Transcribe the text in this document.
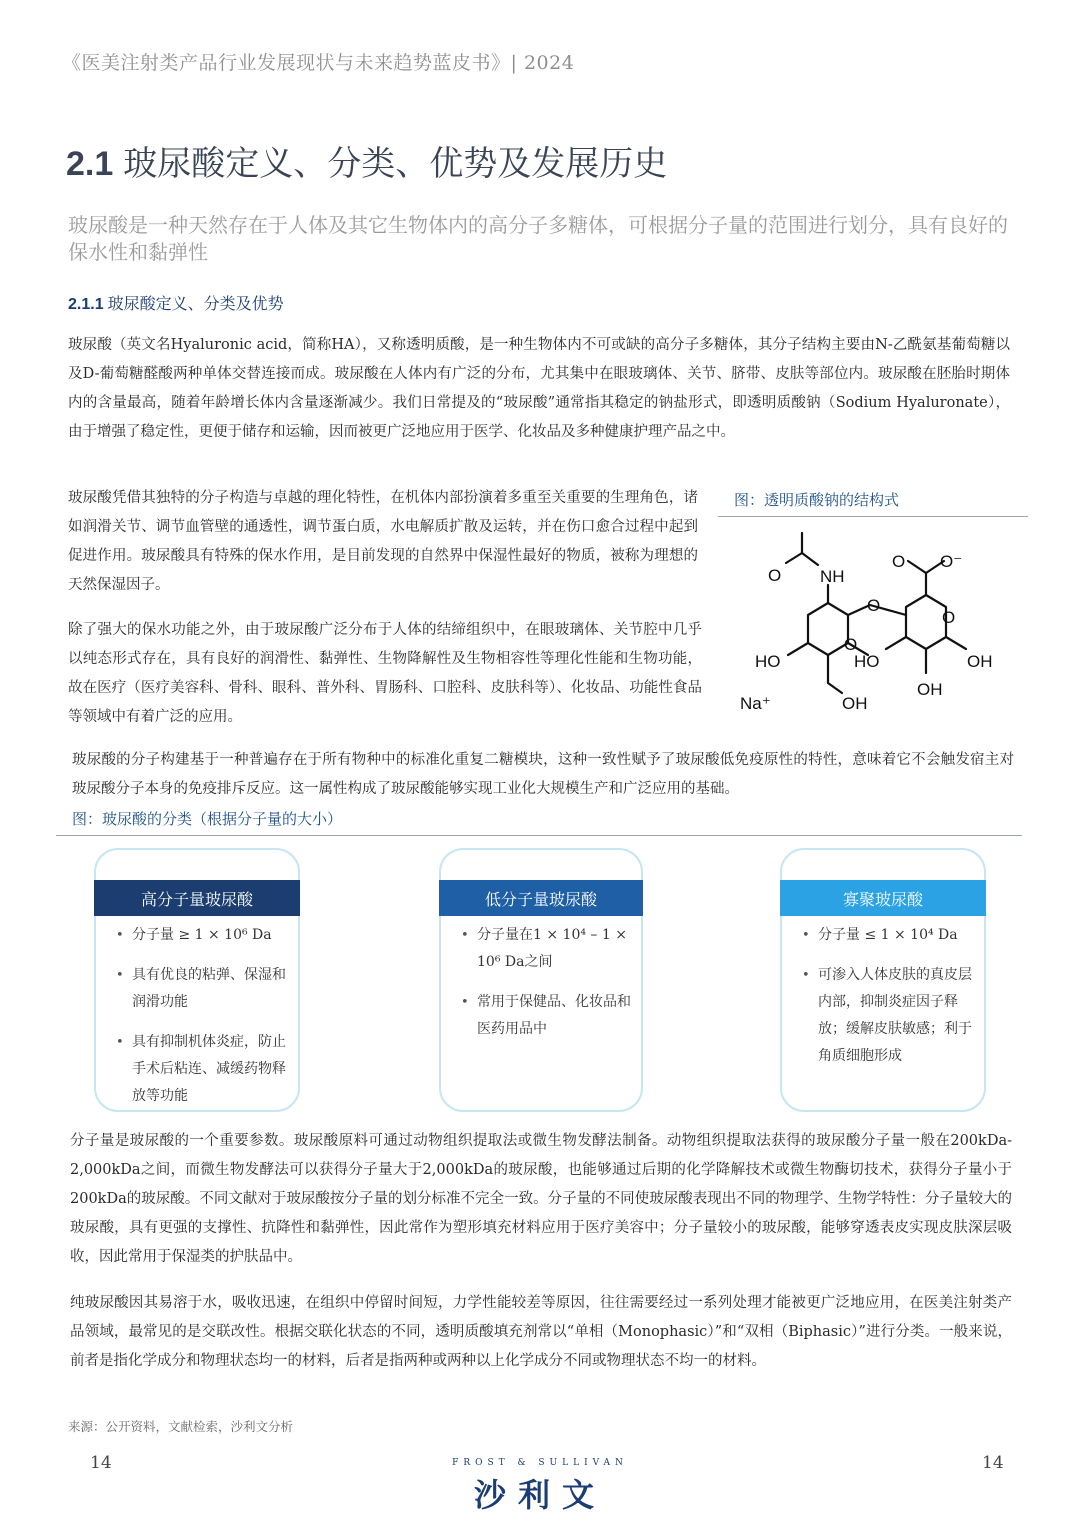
《医美注射类产品行业发展现状与未来趋势蓝皮书》| 2024
2.1 玻尿酸定义、分类、优势及发展历史
玻尿酸是一种天然存在于人体及其它生物体内的高分子多糖体，可根据分子量的范围进行划分，具有良好的保水性和黏弹性
2.1.1 玻尿酸定义、分类及优势

玻尿酸（英文名Hyaluronic acid，简称HA），又称透明质酸，是一种生物体内不可或缺的高分子多糖体，其分子结构主要由N-乙酰氨基葡萄糖以及D-葡萄糖醛酸两种单体交替连接而成。玻尿酸在人体内有广泛的分布，尤其集中在眼玻璃体、关节、脐带、皮肤等部位内。玻尿酸在胚胎时期体内的含量最高，随着年龄增长体内含量逐渐减少。我们日常提及的“玻尿酸”通常指其稳定的钠盐形式，即透明质酸钠（Sodium Hyaluronate），由于增强了稳定性，更便于储存和运输，因而被更广泛地应用于医学、化妆品及多种健康护理产品之中。

玻尿酸凭借其独特的分子构造与卓越的理化特性，在机体内部扮演着多重至关重要的生理角色，诸如润滑关节、调节血管壁的通透性，调节蛋白质，水电解质扩散及运转，并在伤口愈合过程中起到促进作用。玻尿酸具有特殊的保水作用，是目前发现的自然界中保湿性最好的物质，被称为理想的天然保湿因子。

除了强大的保水功能之外，由于玻尿酸广泛分布于人体的结缔组织中，在眼玻璃体、关节腔中几乎以纯态形式存在，具有良好的润滑性、黏弹性、生物降解性及生物相容性等理化性能和生物功能，故在医疗（医疗美容科、骨科、眼科、普外科、胃肠科、口腔科、皮肤科等）、化妆品、功能性食品等领域中有着广泛的应用。

图：透明质酸钠的结构式
NH
O
O O⁻
O
O
O
HO	HO	OH
OH
OH
Na⁺

玻尿酸的分子构建基于一种普遍存在于所有物种中的标准化重复二糖模块，这种一致性赋予了玻尿酸低免疫原性的特性，意味着它不会触发宿主对玻尿酸分子本身的免疫排斥反应。这一属性构成了玻尿酸能够实现工业化大规模生产和广泛应用的基础。

图：玻尿酸的分类（根据分子量的大小）
高分子量玻尿酸
• 分子量 ≥ 1 × 10⁶ Da
• 具有优良的粘弹、保湿和润滑功能
• 具有抑制机体炎症，防止手术后粘连、减缓药物释放等功能
低分子量玻尿酸
• 分子量在1 × 10⁴ – 1 × 10⁶ Da之间
• 常用于保健品、化妆品和医药用品中
寡聚玻尿酸
• 分子量 ≤ 1 × 10⁴ Da
• 可渗入人体皮肤的真皮层内部，抑制炎症因子释放；缓解皮肤敏感；利于角质细胞形成

分子量是玻尿酸的一个重要参数。玻尿酸原料可通过动物组织提取法或微生物发酵法制备。动物组织提取法获得的玻尿酸分子量一般在200kDa-2,000kDa之间，而微生物发酵法可以获得分子量大于2,000kDa的玻尿酸，也能够通过后期的化学降解技术或微生物酶切技术，获得分子量小于200kDa的玻尿酸。不同文献对于玻尿酸按分子量的划分标准不完全一致。分子量的不同使玻尿酸表现出不同的物理学、生物学特性：分子量较大的玻尿酸，具有更强的支撑性、抗降性和黏弹性，因此常作为塑形填充材料应用于医疗美容中；分子量较小的玻尿酸，能够穿透表皮实现皮肤深层吸收，因此常用于保湿类的护肤品中。

纯玻尿酸因其易溶于水，吸收迅速，在组织中停留时间短，力学性能较差等原因，往往需要经过一系列处理才能被更广泛地应用，在医美注射类产品领域，最常见的是交联改性。根据交联化状态的不同，透明质酸填充剂常以“单相（Monophasic）”和“双相（Biphasic）”进行分类。一般来说，前者是指化学成分和物理状态均一的材料，后者是指两种或两种以上化学成分不同或物理状态不均一的材料。

来源：公开资料，文献检索，沙利文分析
14	14
FROST & SULLIVAN
沙利文
